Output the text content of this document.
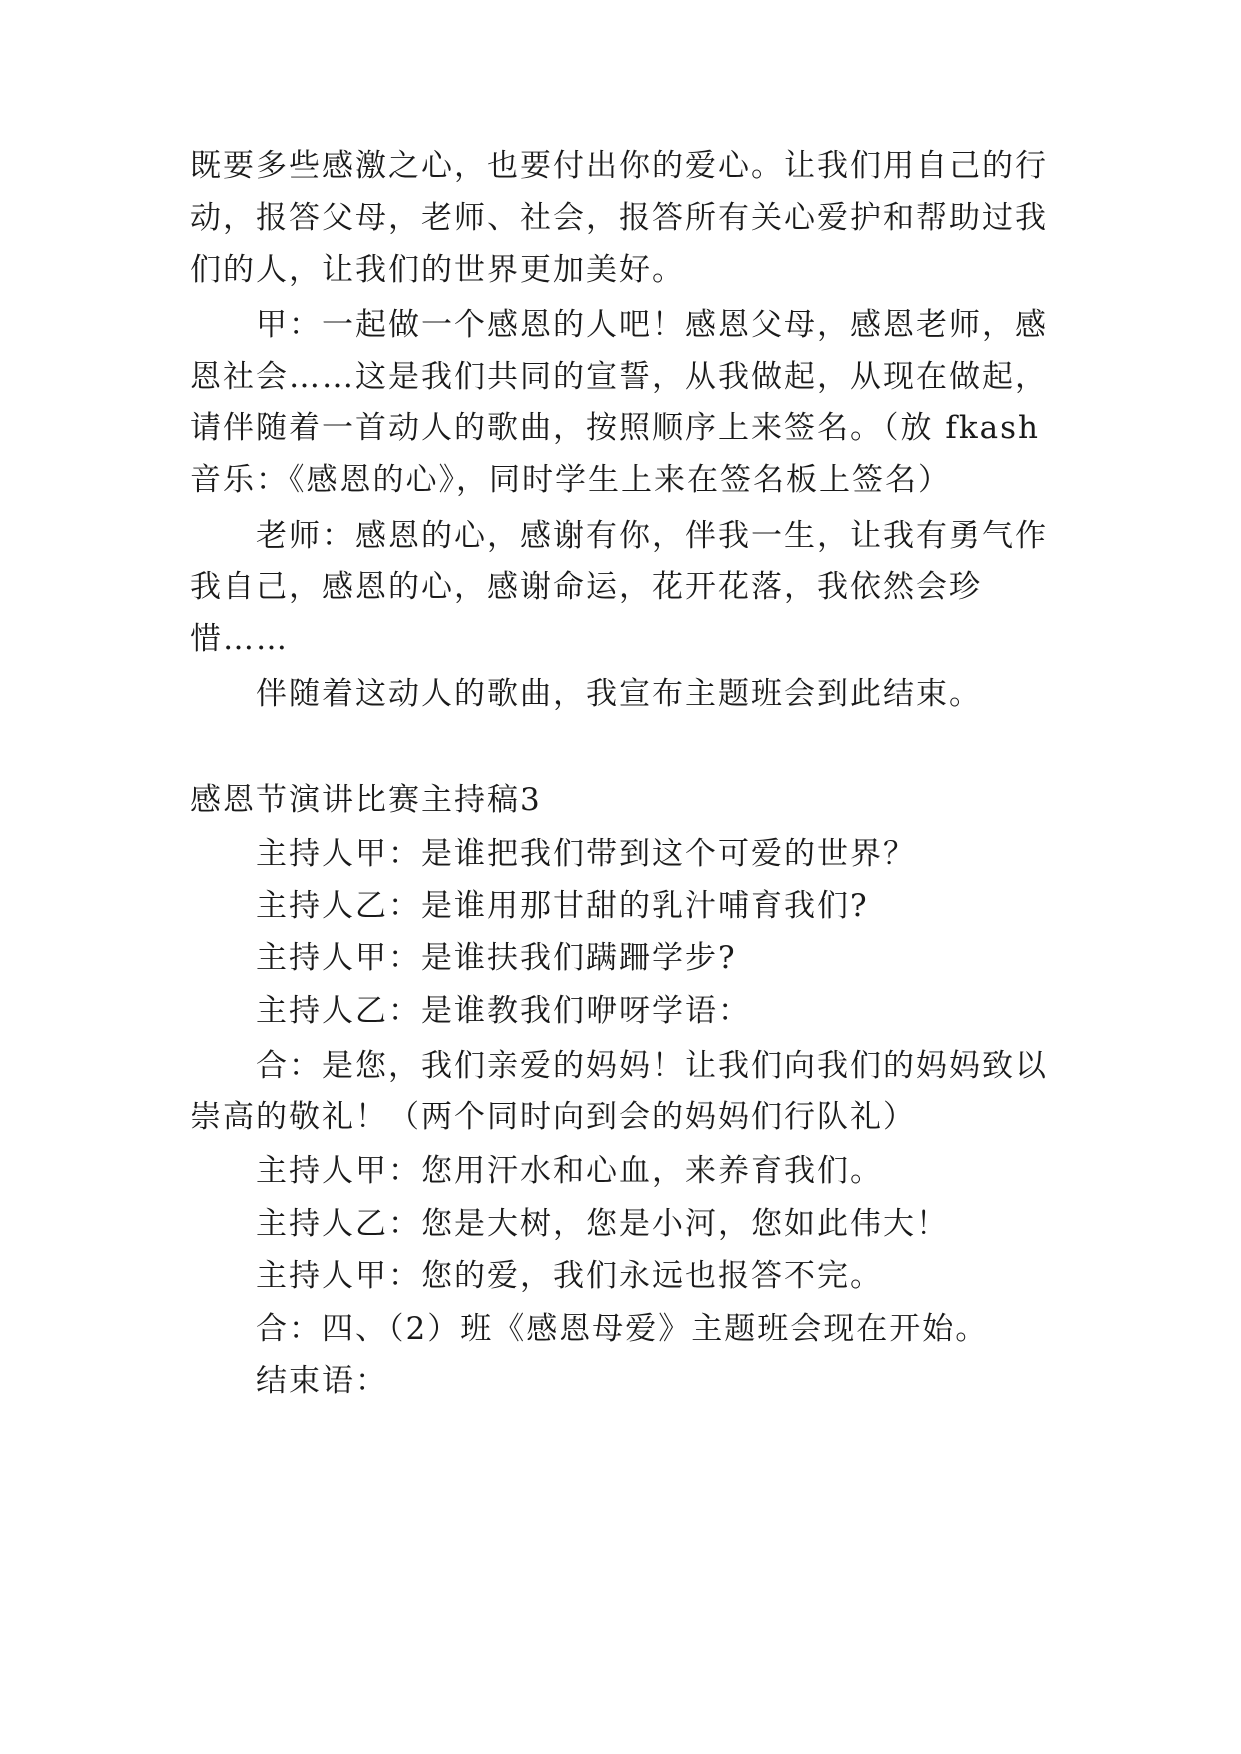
既要多些感激之心，也要付出你的爱心。让我们用自己的行
动，报答父母，老师、社会，报答所有关心爱护和帮助过我
们的人，让我们的世界更加美好。
甲：一起做一个感恩的人吧！感恩父母，感恩老师，感
恩社会……这是我们共同的宣誓，从我做起，从现在做起，
请伴随着一首动人的歌曲，按照顺序上来签名。（放 fkash
音乐：《感恩的心》，同时学生上来在签名板上签名）
老师：感恩的心，感谢有你，伴我一生，让我有勇气作
我自己，感恩的心，感谢命运，花开花落，我依然会珍
惜……
伴随着这动人的歌曲，我宣布主题班会到此结束。
感恩节演讲比赛主持稿3
主持人甲：是谁把我们带到这个可爱的世界？
主持人乙：是谁用那甘甜的乳汁哺育我们?
主持人甲：是谁扶我们蹒跚学步?
主持人乙：是谁教我们咿呀学语：
合：是您，我们亲爱的妈妈！让我们向我们的妈妈致以
崇高的敬礼！（两个同时向到会的妈妈们行队礼）
主持人甲：您用汗水和心血，来养育我们。
主持人乙：您是大树，您是小河，您如此伟大！
主持人甲：您的爱，我们永远也报答不完。
合：四、（2）班《感恩母爱》主题班会现在开始。
结束语：
